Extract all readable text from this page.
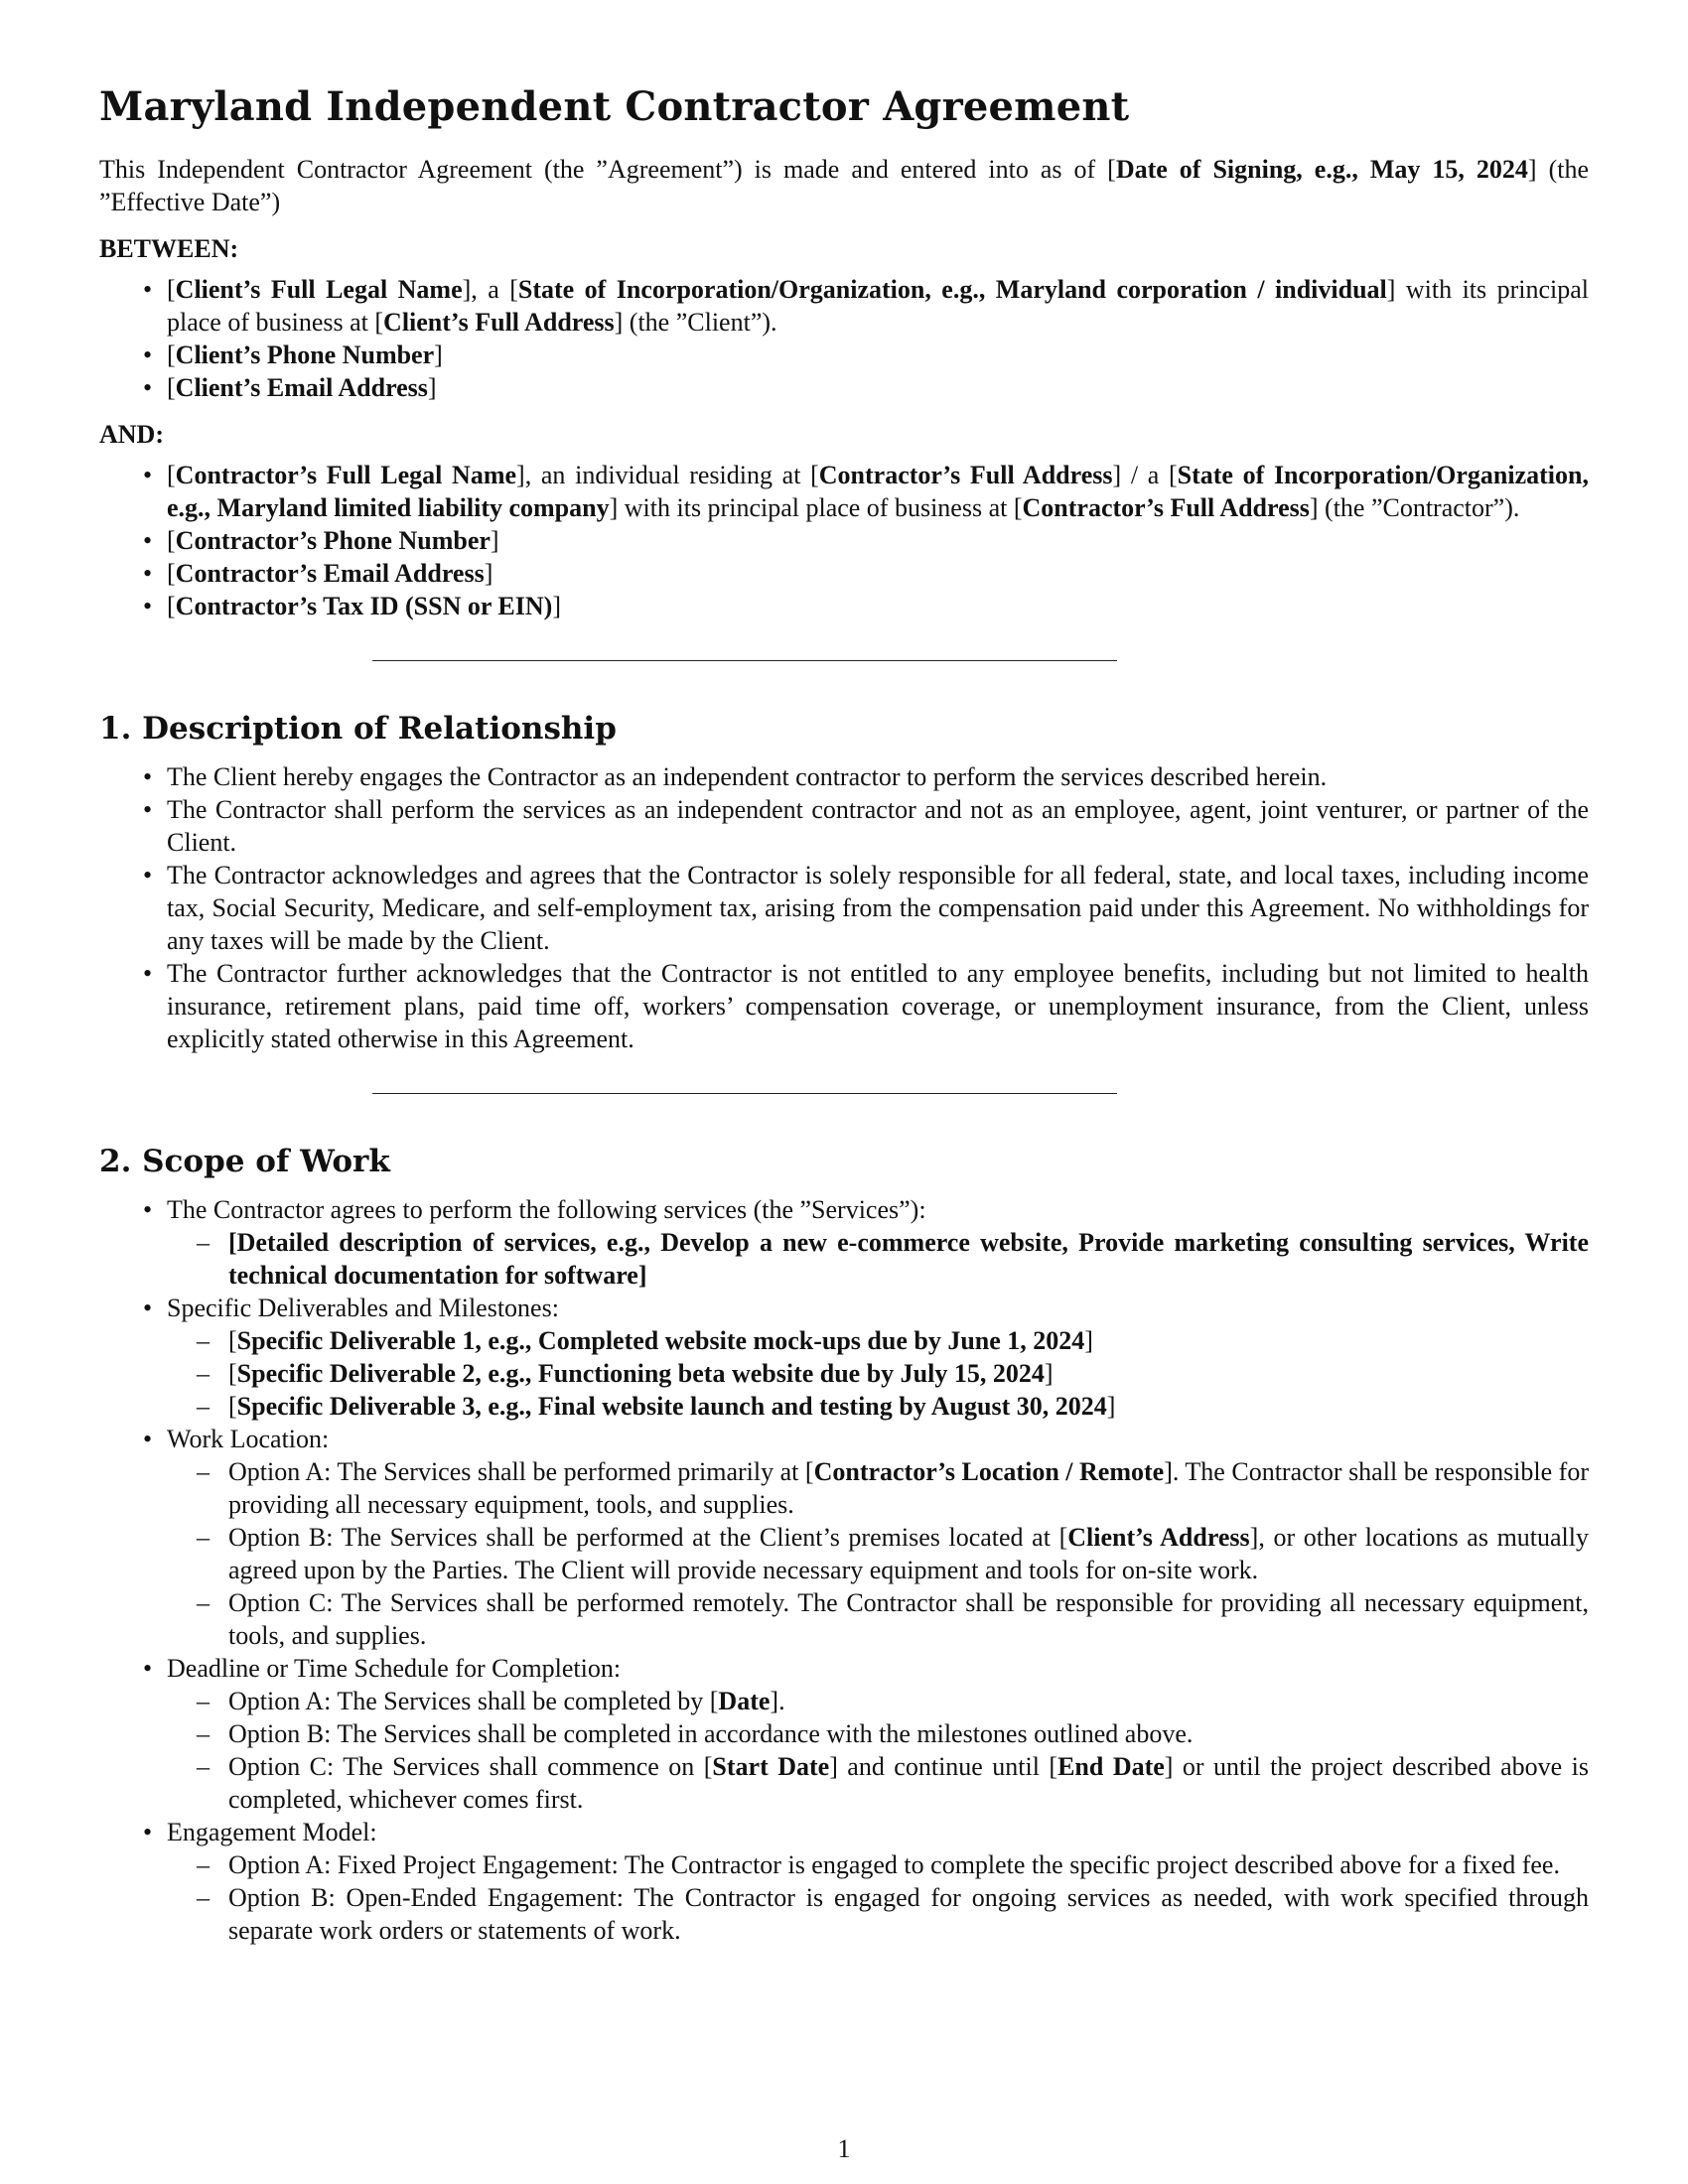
Maryland Independent Contractor Agreement

This Independent Contractor Agreement (the ”Agreement”) is made and entered into as of [Date of Signing, e.g., May 15, 2024] (the ”Effective Date”)

BETWEEN:
• [Client’s Full Legal Name], a [State of Incorporation/Organization, e.g., Maryland corporation / individual] with its principal place of business at [Client’s Full Address] (the ”Client”).
• [Client’s Phone Number]
• [Client’s Email Address]
AND:
• [Contractor’s Full Legal Name], an individual residing at [Contractor’s Full Address] / a [State of Incorporation/Organization, e.g., Maryland limited liability company] with its principal place of business at [Contractor’s Full Address] (the ”Contractor”).
• [Contractor’s Phone Number]
• [Contractor’s Email Address]
• [Contractor’s Tax ID (SSN or EIN)]
1. Description of Relationship
• The Client hereby engages the Contractor as an independent contractor to perform the services described herein.
• The Contractor shall perform the services as an independent contractor and not as an employee, agent, joint venturer, or partner of the Client.
• The Contractor acknowledges and agrees that the Contractor is solely responsible for all federal, state, and local taxes, including income tax, Social Security, Medicare, and self-employment tax, arising from the compensation paid under this Agreement. No withholdings for any taxes will be made by the Client.
• The Contractor further acknowledges that the Contractor is not entitled to any employee benefits, including but not limited to health insurance, retirement plans, paid time off, workers’ compensation coverage, or unemployment insurance, from the Client, unless explicitly stated otherwise in this Agreement.
2. Scope of Work
• The Contractor agrees to perform the following services (the ”Services”):
– [Detailed description of services, e.g., Develop a new e-commerce website, Provide marketing consulting services, Write technical documentation for software]
• Specific Deliverables and Milestones:
– [Specific Deliverable 1, e.g., Completed website mock-ups due by June 1, 2024]
– [Specific Deliverable 2, e.g., Functioning beta website due by July 15, 2024]
– [Specific Deliverable 3, e.g., Final website launch and testing by August 30, 2024]
• Work Location:
– Option A: The Services shall be performed primarily at [Contractor’s Location / Remote]. The Contractor shall be responsible for providing all necessary equipment, tools, and supplies.
– Option B: The Services shall be performed at the Client’s premises located at [Client’s Address], or other locations as mutually agreed upon by the Parties. The Client will provide necessary equipment and tools for on-site work.
– Option C: The Services shall be performed remotely. The Contractor shall be responsible for providing all necessary equipment, tools, and supplies.
• Deadline or Time Schedule for Completion:
– Option A: The Services shall be completed by [Date].
– Option B: The Services shall be completed in accordance with the milestones outlined above.
– Option C: The Services shall commence on [Start Date] and continue until [End Date] or until the project described above is completed, whichever comes first.
• Engagement Model:
– Option A: Fixed Project Engagement: The Contractor is engaged to complete the specific project described above for a fixed fee.
– Option B: Open-Ended Engagement: The Contractor is engaged for ongoing services as needed, with work specified through separate work orders or statements of work.
1
